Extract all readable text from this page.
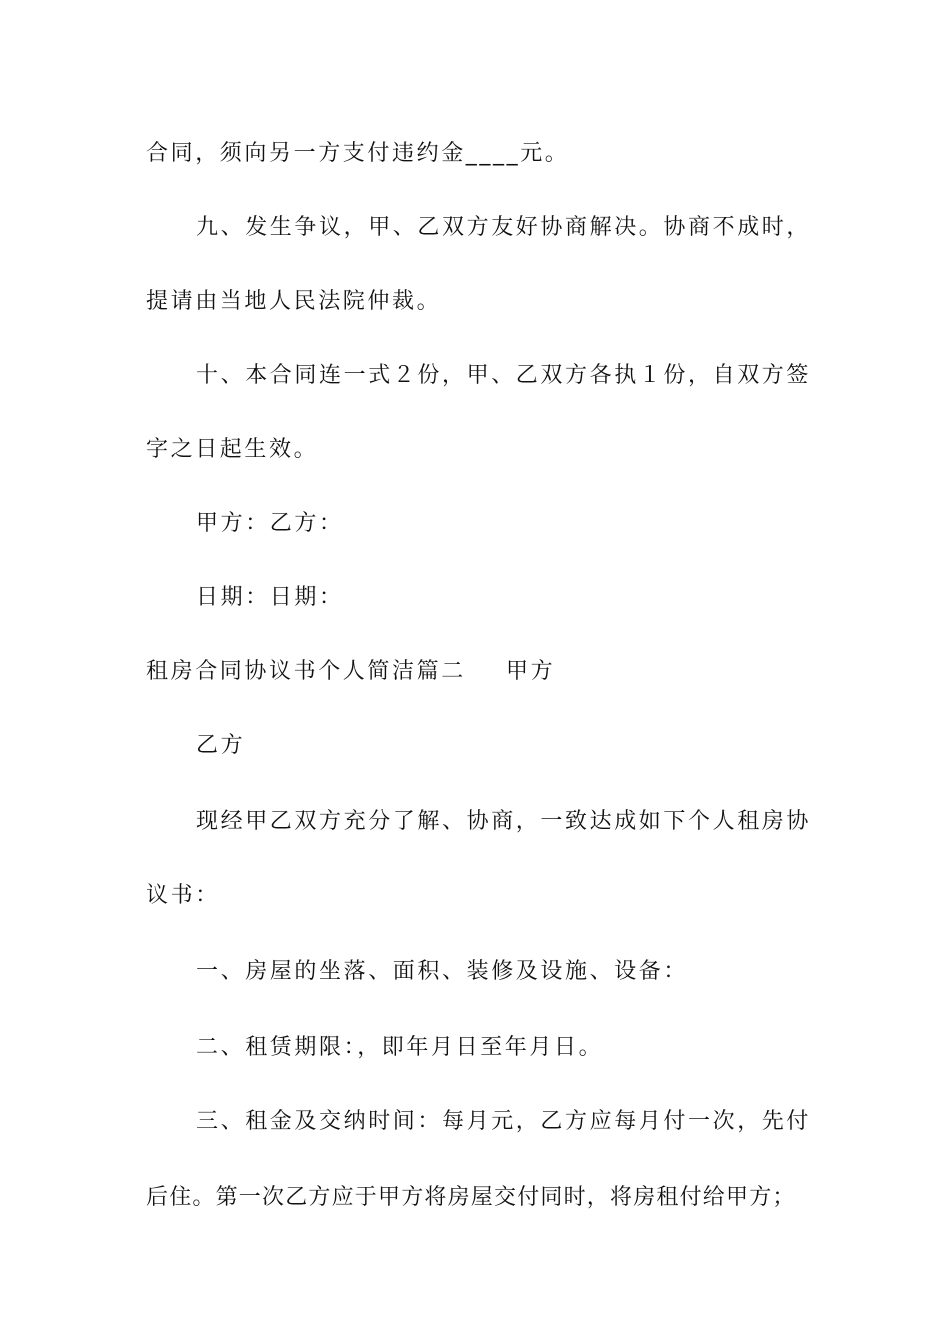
合同，须向另一方支付违约金____元。
九、发生争议，甲、乙双方友好协商解决。协商不成时，
提请由当地人民法院仲裁。
十、本合同连一式２份，甲、乙双方各执１份，自双方签
字之日起生效。
甲方：乙方：
日期：日期：
租房合同协议书个人简洁篇二 甲方
乙方
现经甲乙双方充分了解、协商，一致达成如下个人租房协
议书：
一、房屋的坐落、面积、装修及设施、设备：
二、租赁期限：，即年月日至年月日。
三、租金及交纳时间：每月元，乙方应每月付一次，先付
后住。第一次乙方应于甲方将房屋交付同时，将房租付给甲方；
